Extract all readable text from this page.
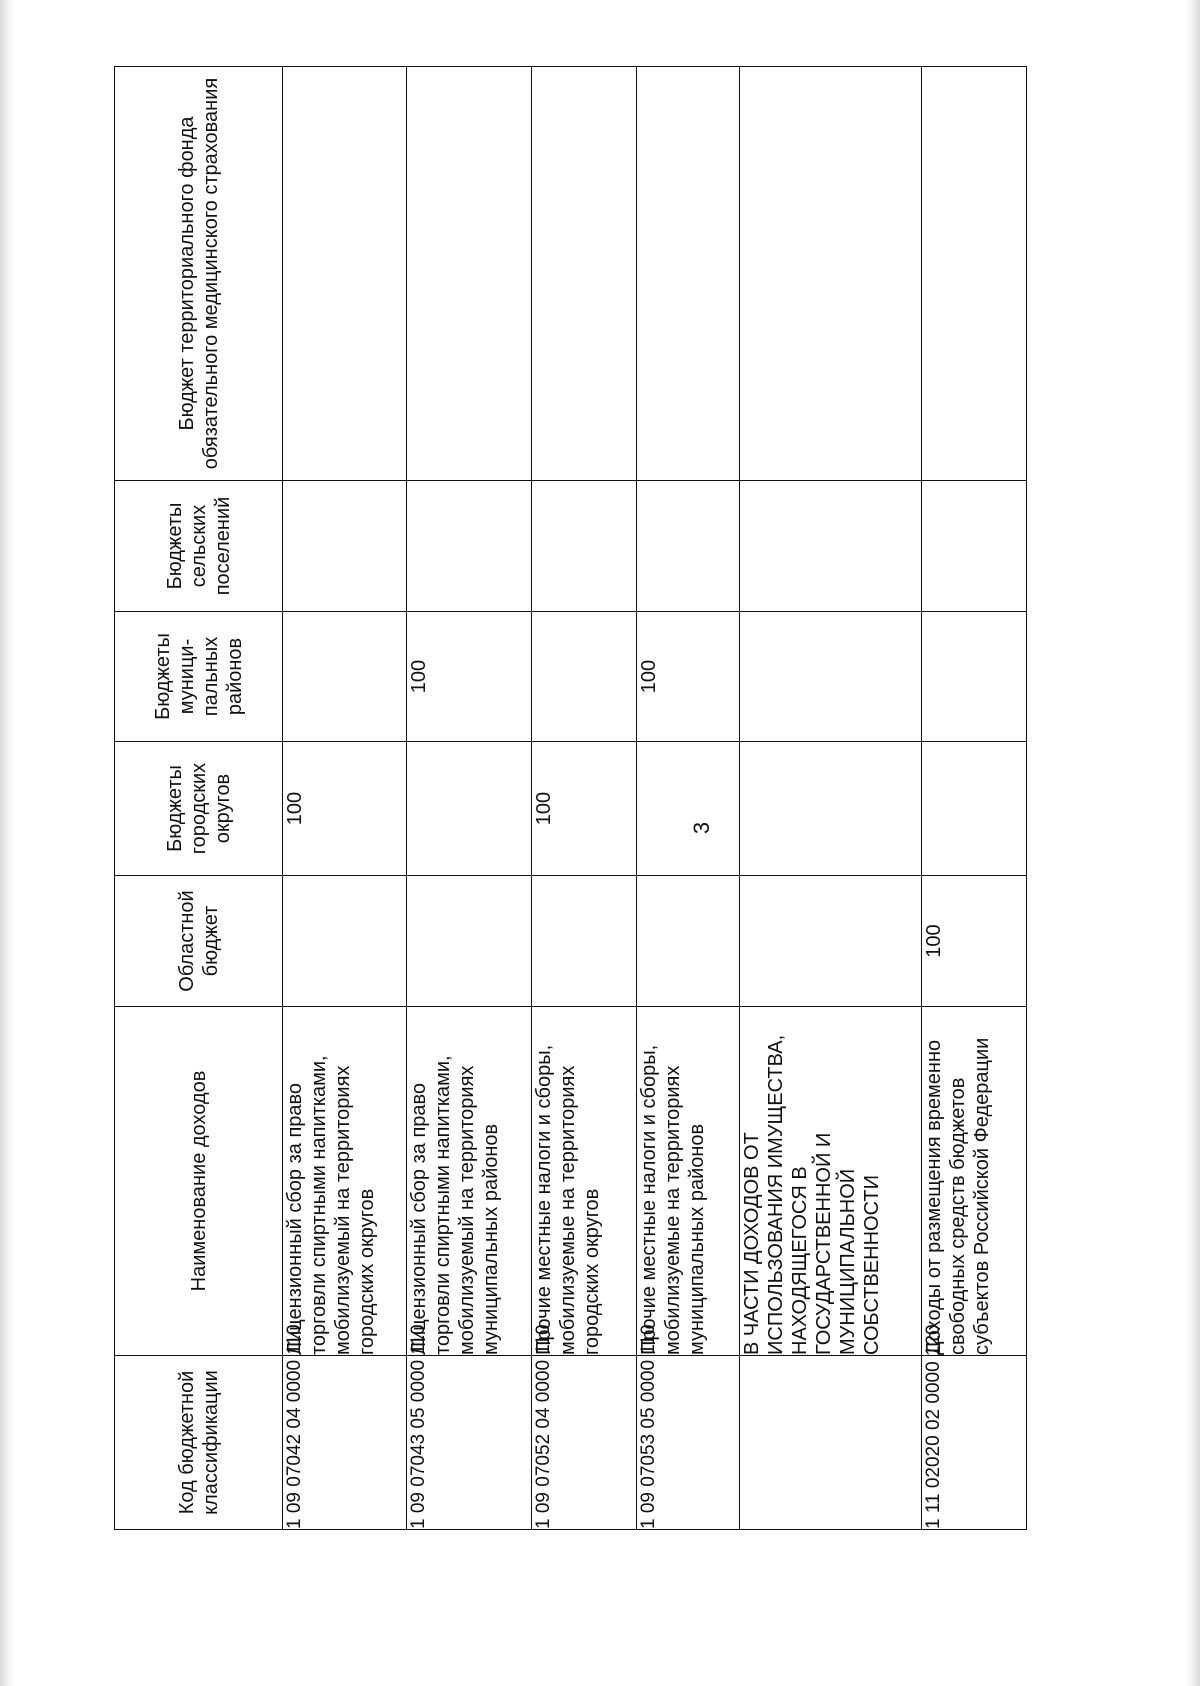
3
Код бюджетной классификации	Наименование доходов	Областной бюджет	Бюджеты городских округов	Бюджеты муници-пальных районов	Бюджеты сельских поселений	Бюджет территориального фонда обязательного медицинского страхования
1 09 07042 04 0000 110	Лицензионный сбор за право торговли спиртными напитками, мобилизуемый на территориях городских округов		100			
1 09 07043 05 0000 110	Лицензионный сбор за право торговли спиртными напитками, мобилизуемый на территориях муниципальных районов			100		
1 09 07052 04 0000 110	Прочие местные налоги и сборы, мобилизуемые на территориях городских округов		100			
1 09 07053 05 0000 110	Прочие местные налоги и сборы, мобилизуемые на территориях муниципальных районов			100		
	В ЧАСТИ ДОХОДОВ ОТ ИСПОЛЬЗОВАНИЯ ИМУЩЕСТВА, НАХОДЯЩЕГОСЯ В ГОСУДАРСТВЕННОЙ И МУНИЦИПАЛЬНОЙ СОБСТВЕННОСТИ					
1 11 02020 02 0000 120	Доходы от размещения временно свободных средств бюджетов субъектов Российской Федерации	100				
